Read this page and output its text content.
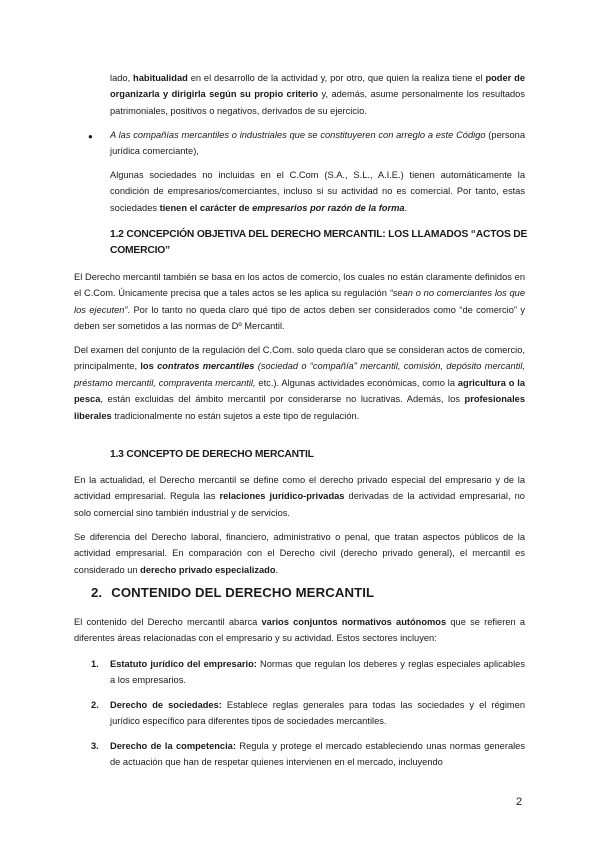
lado, habitualidad en el desarrollo de la actividad y, por otro, que quien la realiza tiene el poder de organizarla y dirigirla según su propio criterio y, además, asume personalmente los resultados patrimoniales, positivos o negativos, derivados de su ejercicio.

● A las compañías mercantiles o industriales que se constituyeren con arreglo a este Código (persona jurídica comerciante),

Algunas sociedades no incluidas en el C.Com (S.A., S.L., A.I.E.) tienen automáticamente la condición de empresarios/comerciantes, incluso si su actividad no es comercial. Por tanto, estas sociedades tienen el carácter de empresarios por razón de la forma.

1.2 CONCEPCIÓN OBJETIVA DEL DERECHO MERCANTIL: LOS LLAMADOS “ACTOS DE COMERCIO”

El Derecho mercantil también se basa en los actos de comercio, los cuales no están claramente definidos en el C.Com. Únicamente precisa que a tales actos se les aplica su regulación “sean o no comerciantes los que los ejecuten”. Por lo tanto no queda claro qué tipo de actos deben ser considerados como “de comercio” y deben ser sometidos a las normas de Dº Mercantil.

Del examen del conjunto de la regulación del C.Com. solo queda claro que se consideran actos de comercio, principalmente, los contratos mercantiles (sociedad o “compañía” mercantil, comisión, depósito mercantil, préstamo mercantil, compraventa mercantil, etc.). Algunas actividades económicas, como la agricultura o la pesca, están excluidas del ámbito mercantil por considerarse no lucrativas. Además, los profesionales liberales tradicionalmente no están sujetos a este tipo de regulación.

1.3 CONCEPTO DE DERECHO MERCANTIL

En la actualidad, el Derecho mercantil se define como el derecho privado especial del empresario y de la actividad empresarial. Regula las relaciones jurídico-privadas derivadas de la actividad empresarial, no solo comercial sino también industrial y de servicios.

Se diferencia del Derecho laboral, financiero, administrativo o penal, que tratan aspectos públicos de la actividad empresarial. En comparación con el Derecho civil (derecho privado general), el mercantil es considerado un derecho privado especializado.

2. CONTENIDO DEL DERECHO MERCANTIL

El contenido del Derecho mercantil abarca varios conjuntos normativos autónomos que se refieren a diferentes áreas relacionadas con el empresario y su actividad. Estos sectores incluyen:

1. Estatuto jurídico del empresario: Normas que regulan los deberes y reglas especiales aplicables a los empresarios.

2. Derecho de sociedades: Establece reglas generales para todas las sociedades y el régimen jurídico específico para diferentes tipos de sociedades mercantiles.

3. Derecho de la competencia: Regula y protege el mercado estableciendo unas normas generales de actuación que han de respetar quienes intervienen en el mercado, incluyendo

2
